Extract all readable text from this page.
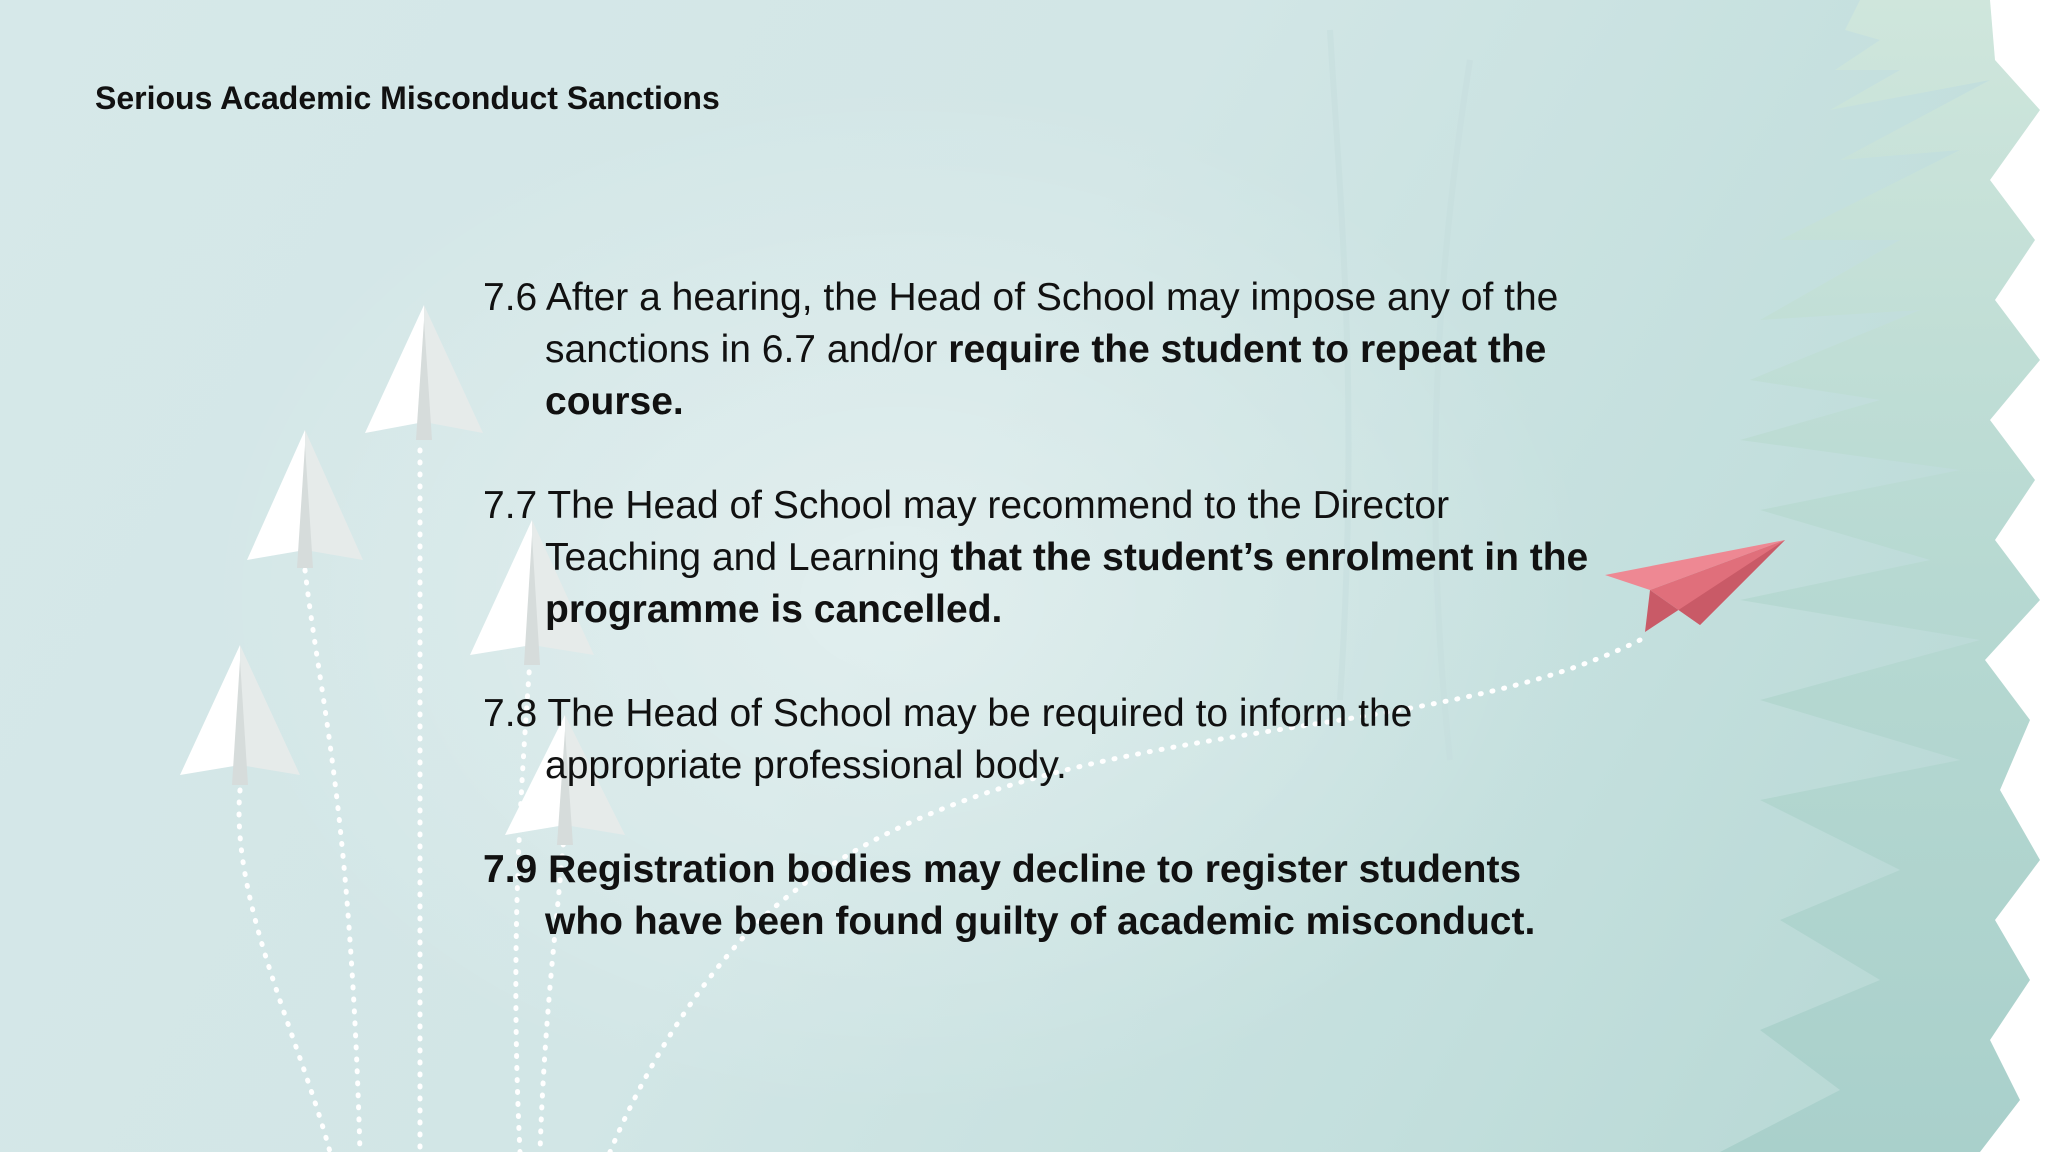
Serious Academic Misconduct Sanctions

7.6 After a hearing, the Head of School may impose any of the sanctions in 6.7 and/or require the student to repeat the course.

7.7 The Head of School may recommend to the Director Teaching and Learning that the student’s enrolment in the programme is cancelled.

7.8 The Head of School may be required to inform the appropriate professional body.

7.9 Registration bodies may decline to register students who have been found guilty of academic misconduct.
